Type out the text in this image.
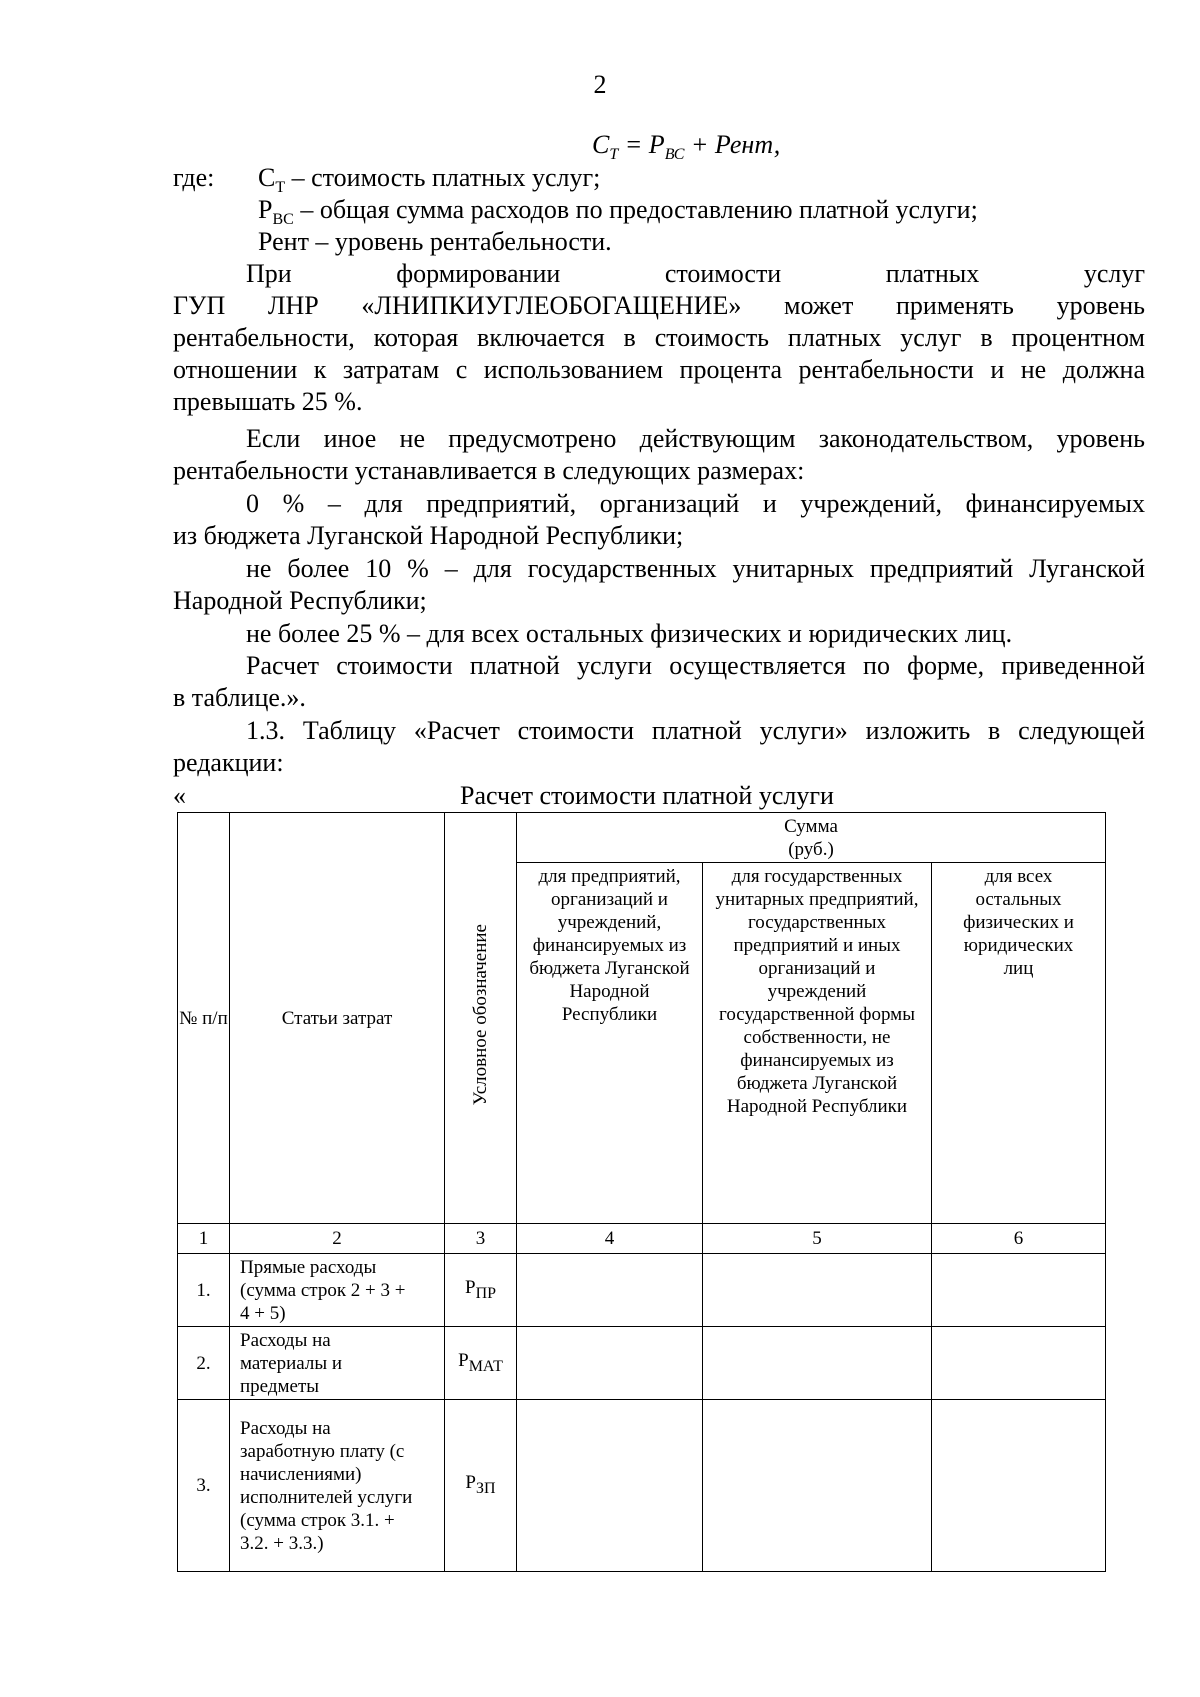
2
$C_Т = P_{ВС}$ + Рент,
где: $С_Т$ – стоимость платных услуг;
$Р_{ВС}$ – общая сумма расходов по предоставлению платной услуги;
Рент – уровень рентабельности.
При формировании стоимости платных услуг
ГУП ЛНР «ЛНИПКИУГЛЕОБОГАЩЕНИЕ» может применять уровень
рентабельности, которая включается в стоимость платных услуг в процентном
отношении к затратам с использованием процента рентабельности и не должна
превышать 25 %.
Если иное не предусмотрено действующим законодательством, уровень
рентабельности устанавливается в следующих размерах:
0 % – для предприятий, организаций и учреждений, финансируемых
из бюджета Луганской Народной Республики;
не более 10 % – для государственных унитарных предприятий Луганской
Народной Республики;
не более 25 % – для всех остальных физических и юридических лиц.
Расчет стоимости платной услуги осуществляется по форме, приведенной
в таблице.».
1.3. Таблицу «Расчет стоимости платной услуги» изложить в следующей
редакции:
«	Расчет стоимости платной услуги
№ п/п	Статьи затрат	Условное обозначение	Сумма (руб.)		

			для предприятий, организаций и учреждений, финансируемых из бюджета Луганской Народной Республики	для государственных унитарных предприятий, государственных предприятий и иных организаций и учреждений государственной формы собственности, не финансируемых из бюджета Луганской Народной Республики	для всех остальных физических и юридических лиц

1	2	3	4	5	6
1.	Прямые расходы (сумма строк 2 + 3 + 4 + 5)	$Р_{ПР}$			
2.	Расходы на материалы и предметы	$Р_{МАТ}$			
3.	Расходы на заработную плату (с начислениями) исполнителей услуги (сумма строк 3.1. + 3.2. + 3.3.)	$Р_{ЗП}$			
